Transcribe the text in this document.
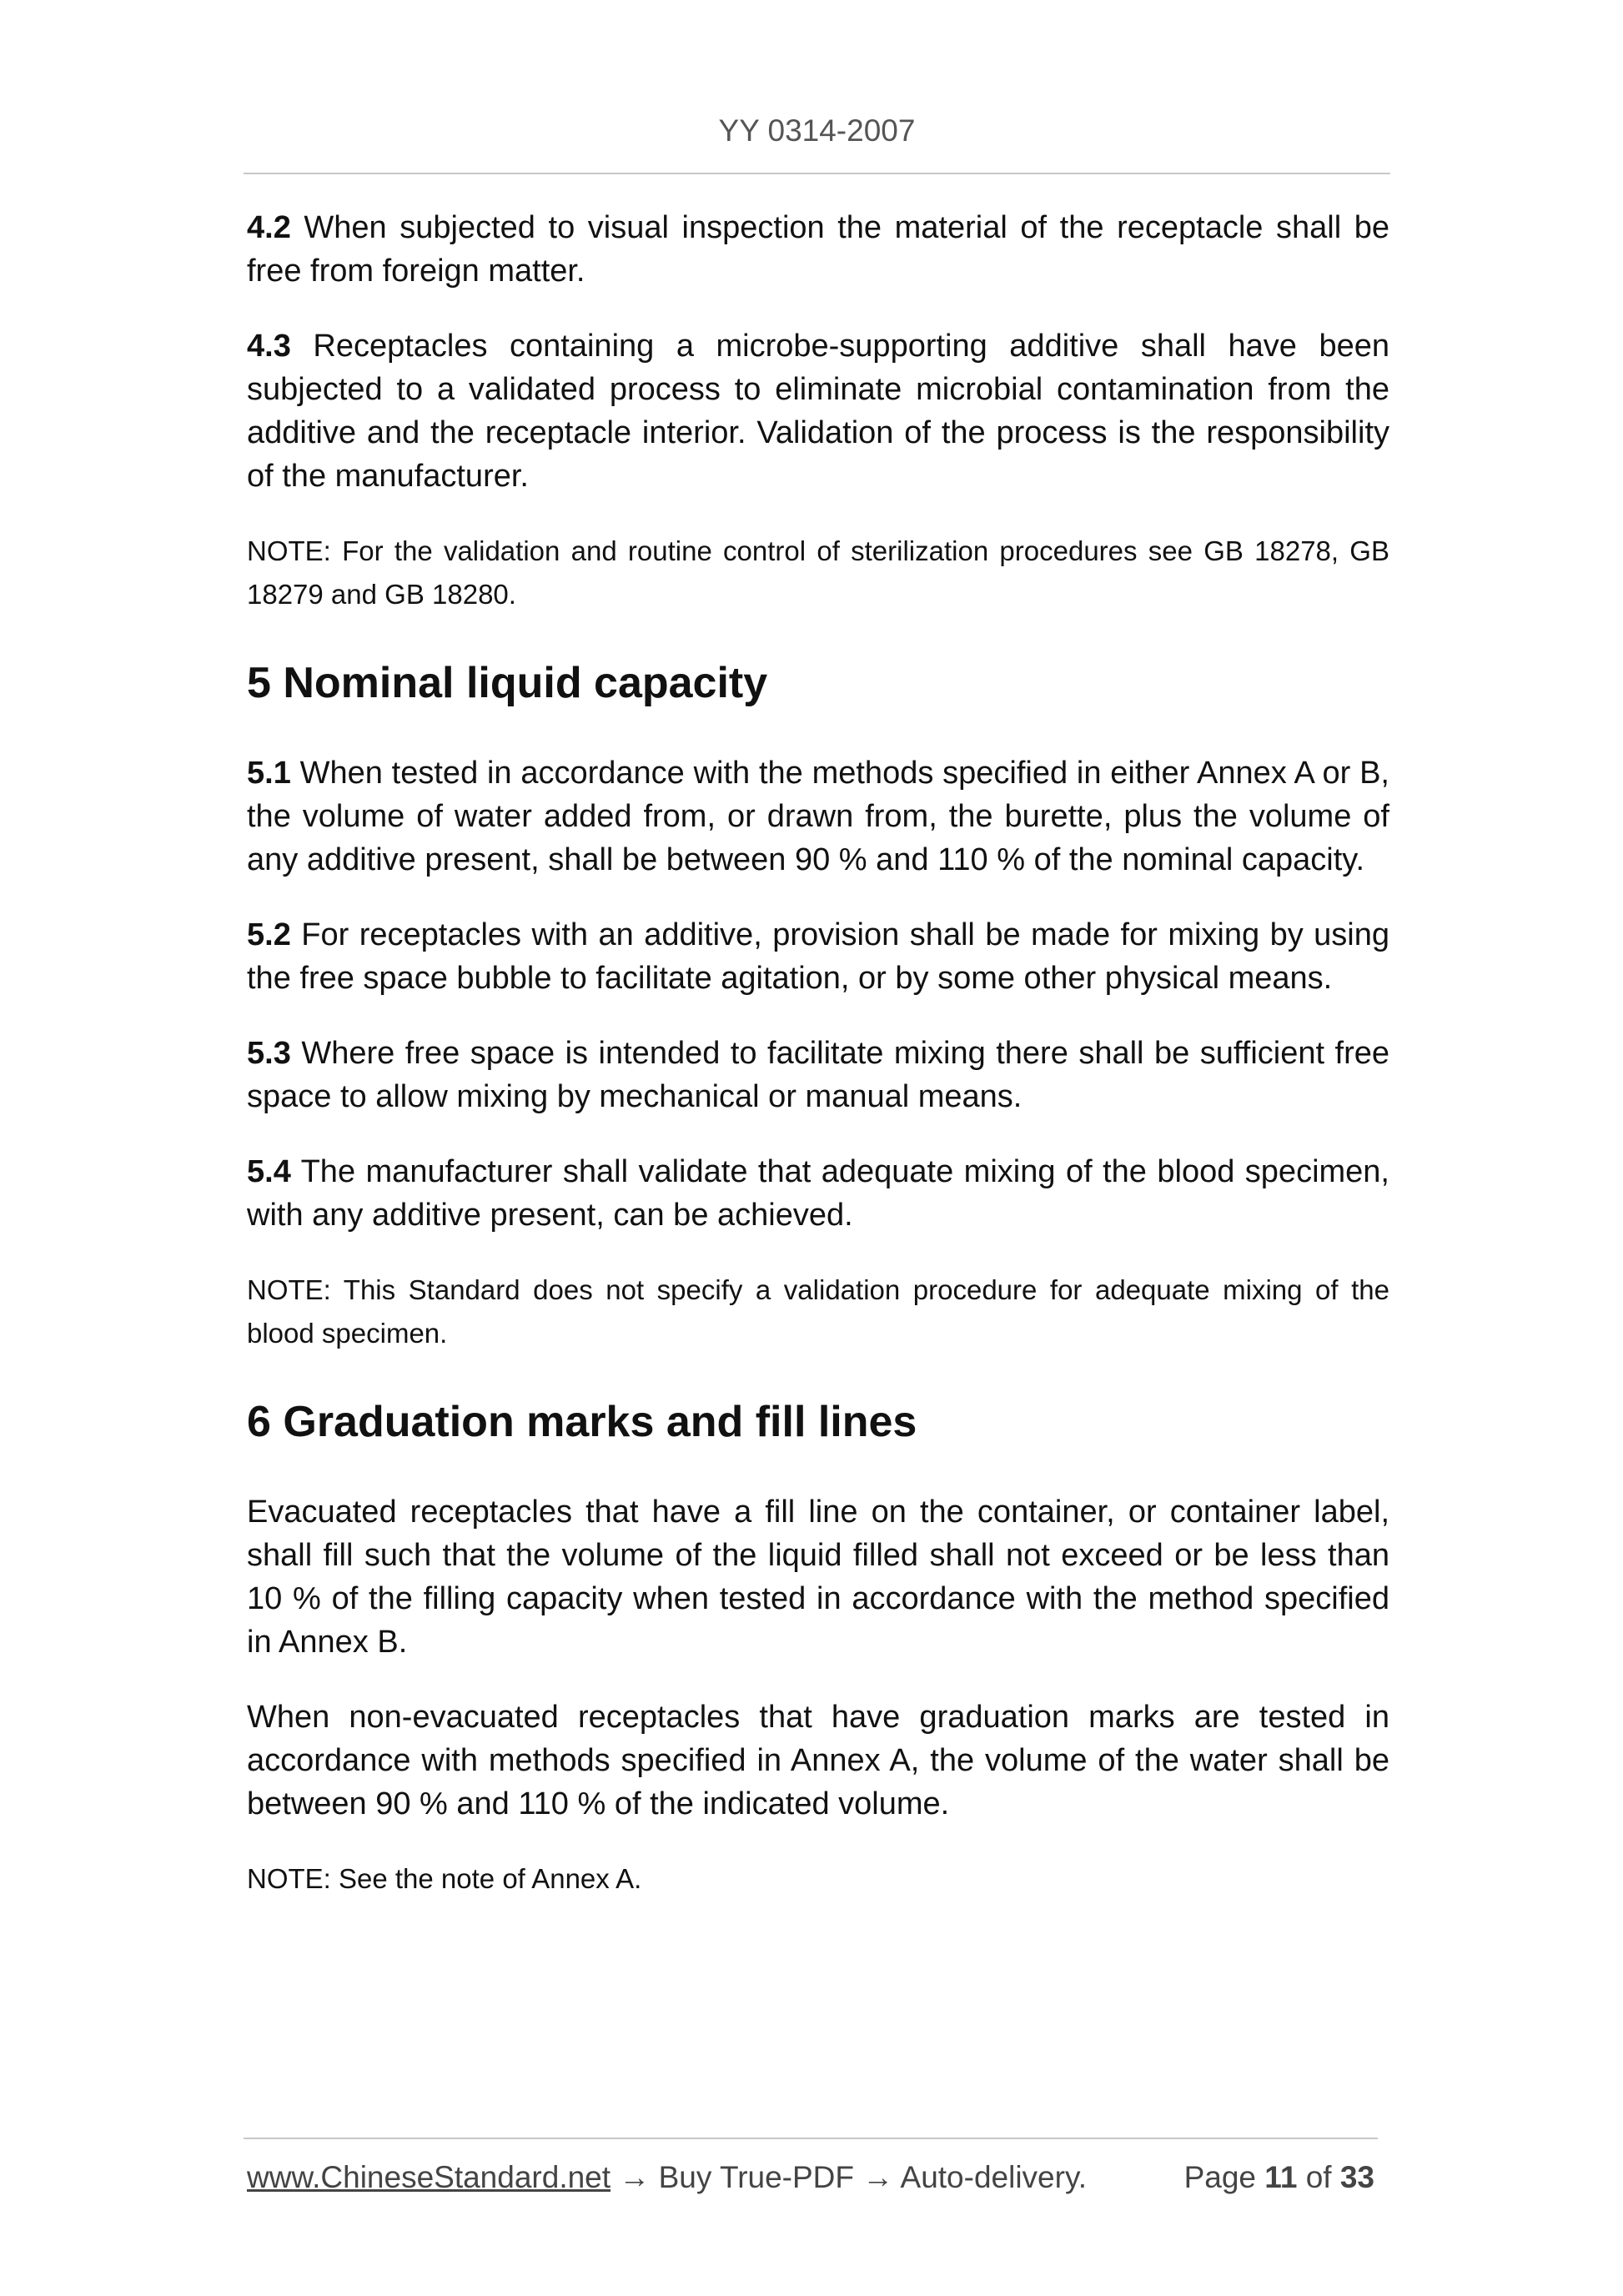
YY 0314-2007

4.2 When subjected to visual inspection the material of the receptacle shall be free from foreign matter.

4.3 Receptacles containing a microbe-supporting additive shall have been subjected to a validated process to eliminate microbial contamination from the additive and the receptacle interior. Validation of the process is the responsibility of the manufacturer.

NOTE: For the validation and routine control of sterilization procedures see GB 18278, GB 18279 and GB 18280.

5 Nominal liquid capacity

5.1 When tested in accordance with the methods specified in either Annex A or B, the volume of water added from, or drawn from, the burette, plus the volume of any additive present, shall be between 90 % and 110 % of the nominal capacity.

5.2 For receptacles with an additive, provision shall be made for mixing by using the free space bubble to facilitate agitation, or by some other physical means.

5.3 Where free space is intended to facilitate mixing there shall be sufficient free space to allow mixing by mechanical or manual means.

5.4 The manufacturer shall validate that adequate mixing of the blood specimen, with any additive present, can be achieved.

NOTE: This Standard does not specify a validation procedure for adequate mixing of the blood specimen.

6 Graduation marks and fill lines

Evacuated receptacles that have a fill line on the container, or container label, shall fill such that the volume of the liquid filled shall not exceed or be less than 10 % of the filling capacity when tested in accordance with the method specified in Annex B.

When non-evacuated receptacles that have graduation marks are tested in accordance with methods specified in Annex A, the volume of the water shall be between 90 % and 110 % of the indicated volume.

NOTE: See the note of Annex A.

www.ChineseStandard.net → Buy True-PDF → Auto-delivery.	Page 11 of 33
